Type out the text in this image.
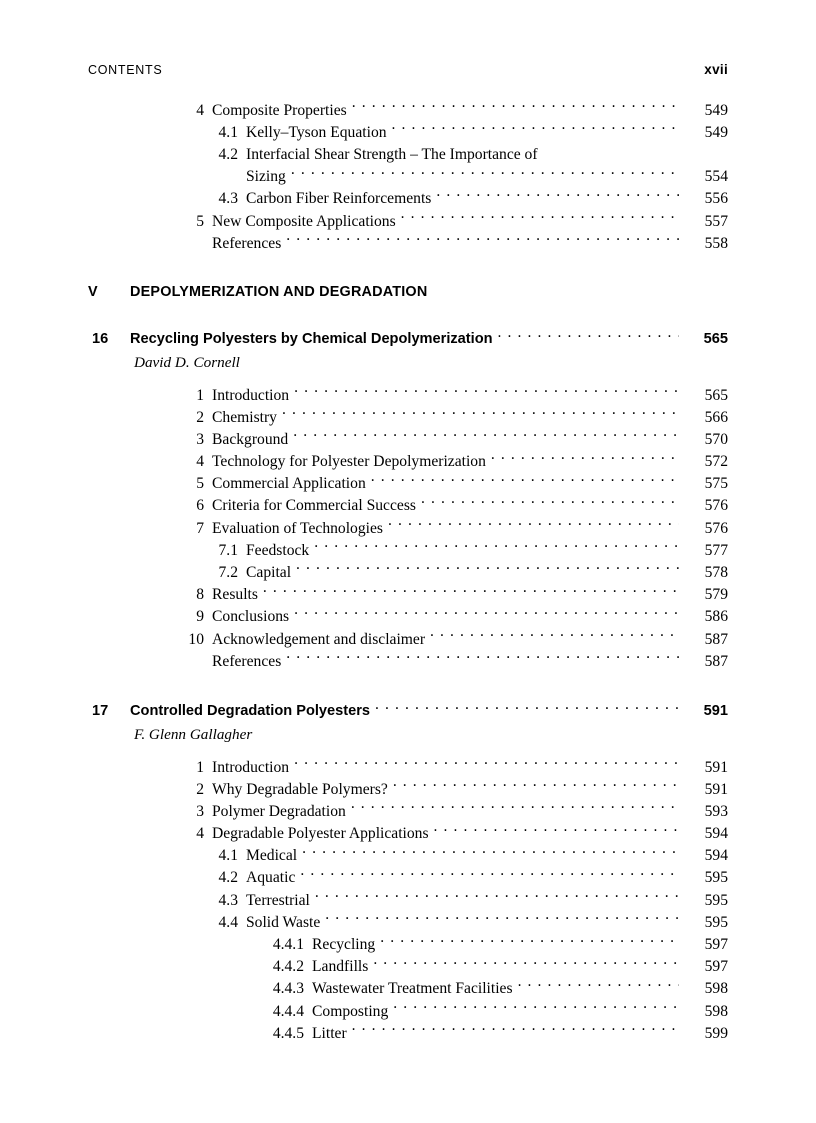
CONTENTS	xvii
4 Composite Properties . . .	549
4.1 Kelly–Tyson Equation . . .	549
4.2 Interfacial Shear Strength – The Importance of
Sizing . . .	554
4.3 Carbon Fiber Reinforcements . . .	556
5 New Composite Applications . . .	557
References . . .	558
V	DEPOLYMERIZATION AND DEGRADATION
16	Recycling Polyesters by Chemical Depolymerization . . .	565
David D. Cornell
1 Introduction . . .	565
2 Chemistry . . .	566
3 Background . . .	570
4 Technology for Polyester Depolymerization . . .	572
5 Commercial Application . . .	575
6 Criteria for Commercial Success . . .	576
7 Evaluation of Technologies . . .	576
7.1 Feedstock . . .	577
7.2 Capital . . .	578
8 Results . . .	579
9 Conclusions . . .	586
10 Acknowledgement and disclaimer . . .	587
References . . .	587
17	Controlled Degradation Polyesters . . .	591
F. Glenn Gallagher
1 Introduction . . .	591
2 Why Degradable Polymers? . . .	591
3 Polymer Degradation . . .	593
4 Degradable Polyester Applications . . .	594
4.1 Medical . . .	594
4.2 Aquatic . . .	595
4.3 Terrestrial . . .	595
4.4 Solid Waste . . .	595
4.4.1 Recycling . . .	597
4.4.2 Landfills . . .	597
4.4.3 Wastewater Treatment Facilities . . .	598
4.4.4 Composting . . .	598
4.4.5 Litter . . .	599
